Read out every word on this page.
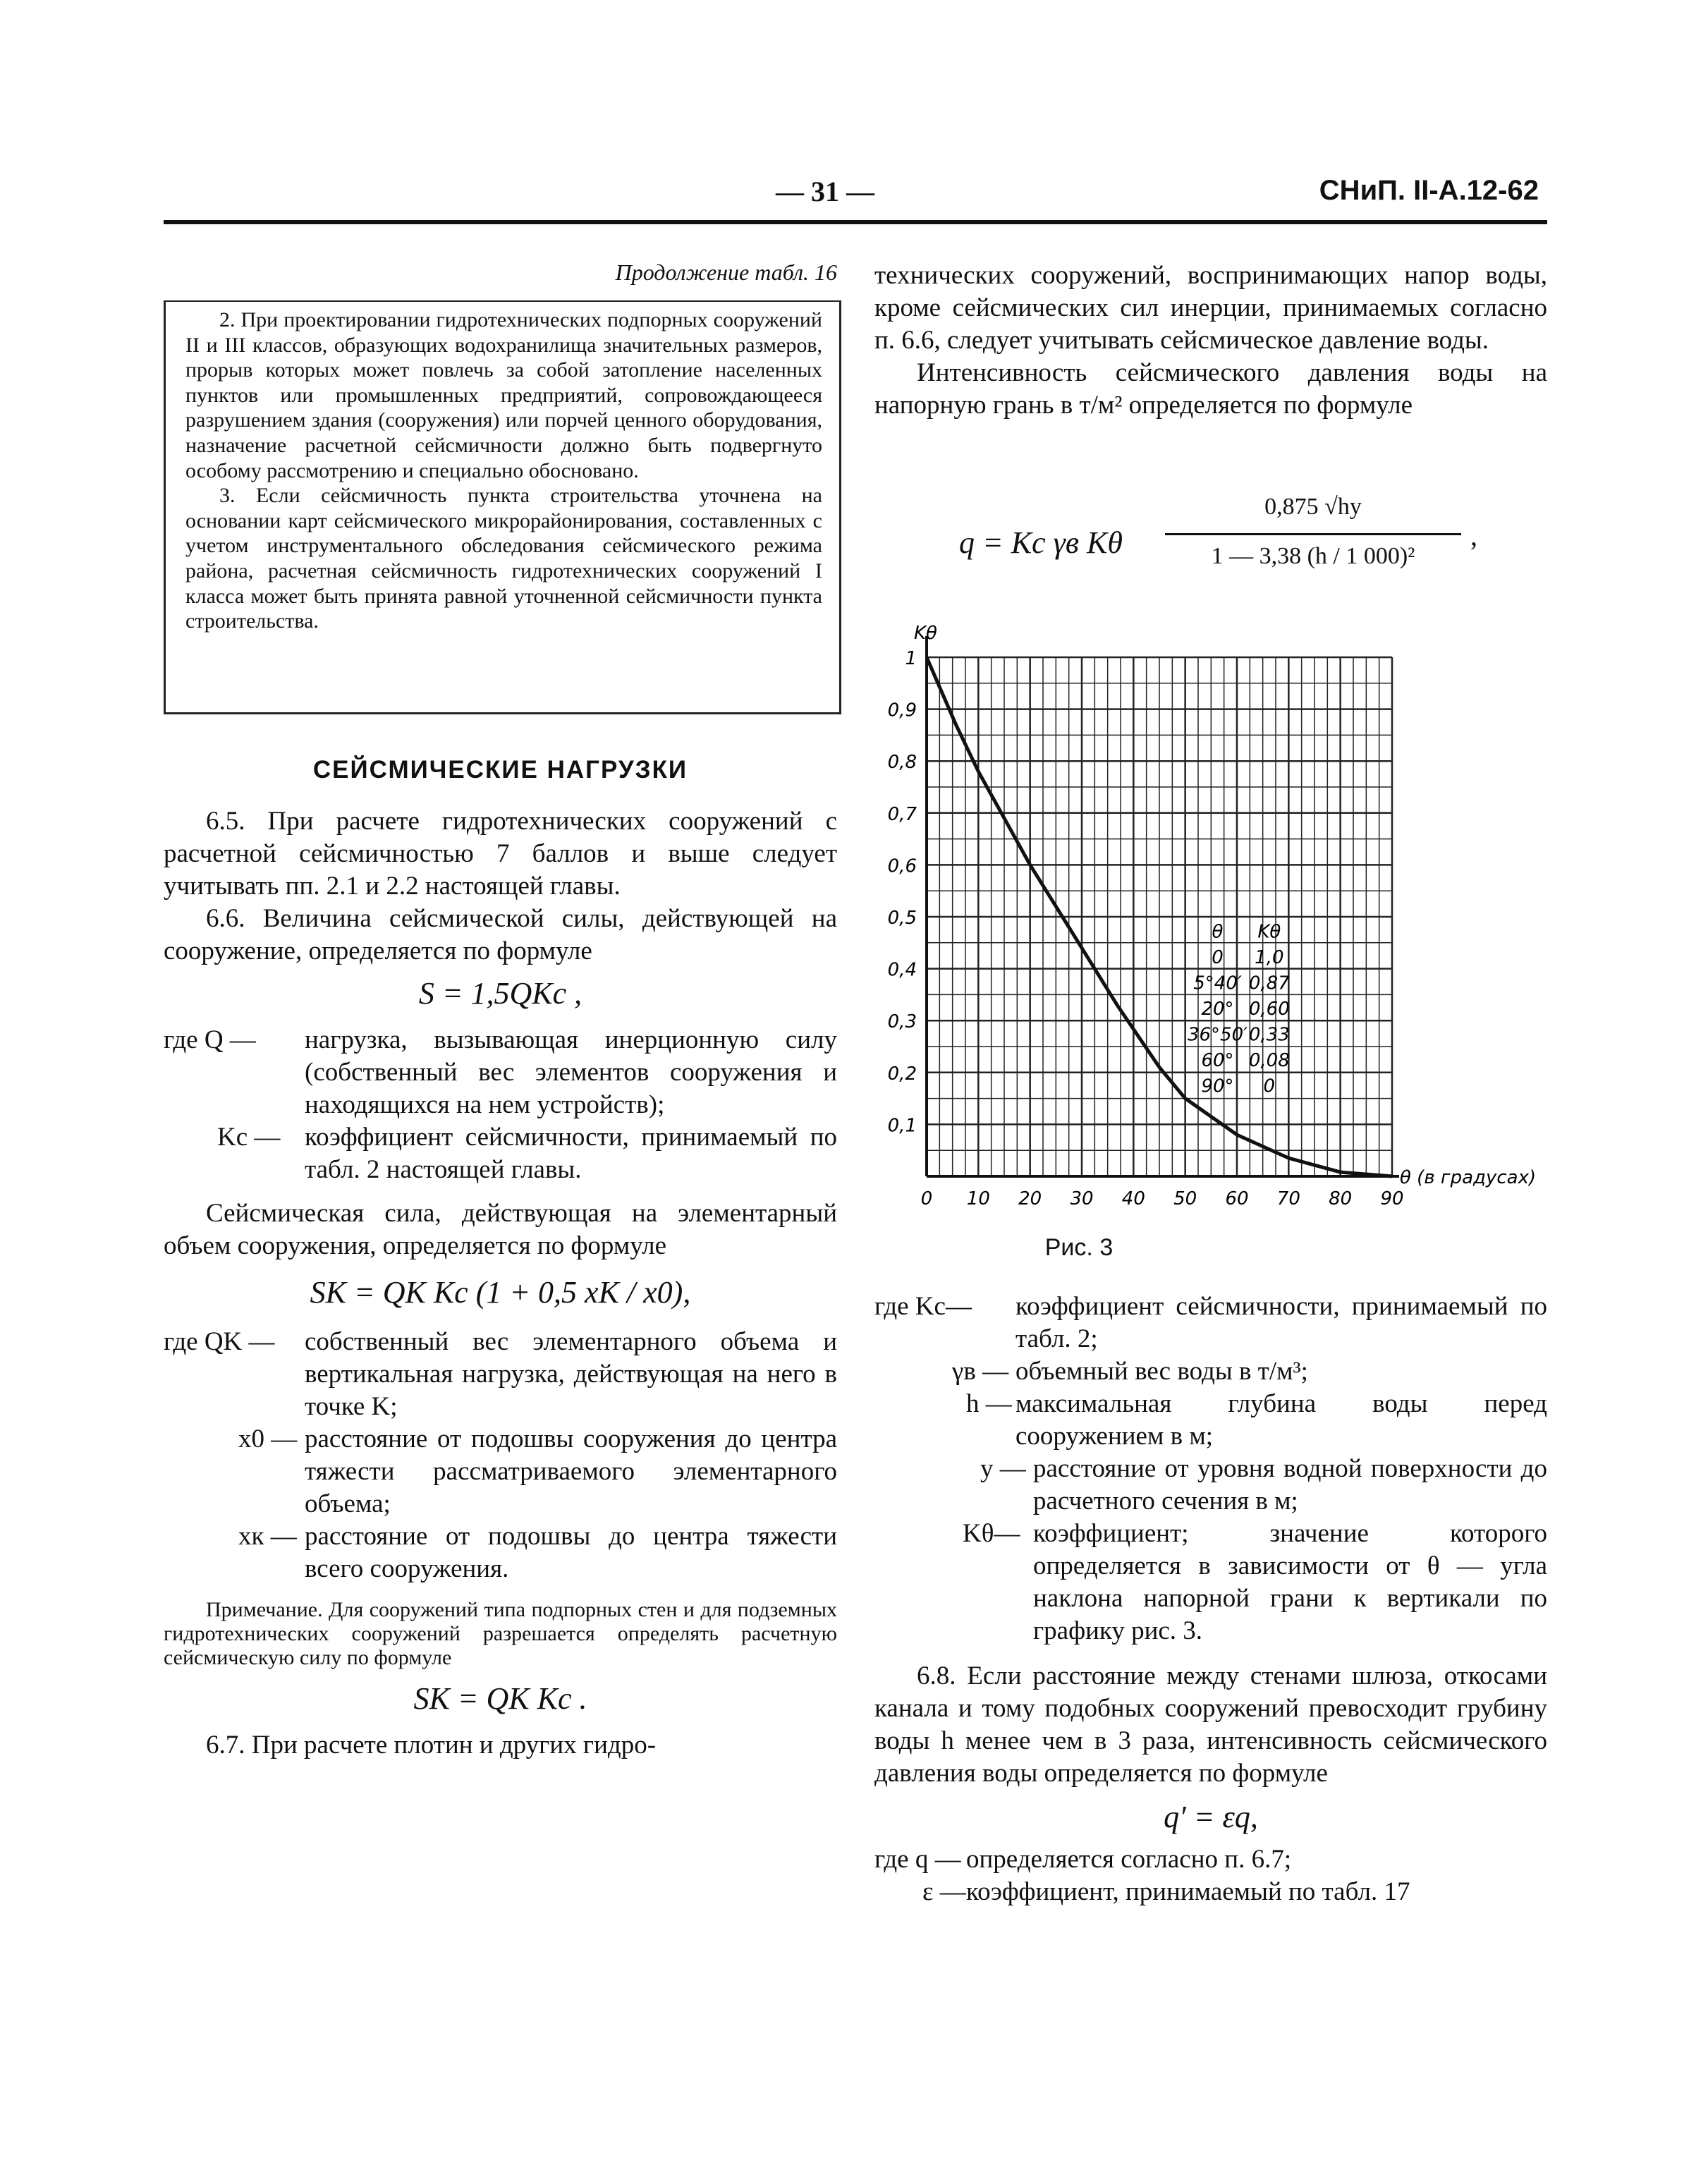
— 31 —	СНиП. II-А.12-62
Продолжение табл. 16

2. При проектировании гидротехнических подпорных сооружений II и III классов, образующих водохранилища значительных размеров, прорыв которых может повлечь за собой затопление населенных пунктов или промышленных предприятий, сопровождающееся разрушением здания (сооружения) или порчей ценного оборудования, назначение расчетной сейсмичности должно быть подвергнуто особому рассмотрению и специально обосновано.

3. Если сейсмичность пункта строительства уточнена на основании карт сейсмического микрорайонирования, составленных с учетом инструментального обследования сейсмического режима района, расчетная сейсмичность гидротехнических сооружений I класса может быть принята равной уточненной сейсмичности пункта строительства.

СЕЙСМИЧЕСКИЕ НАГРУЗКИ

6.5. При расчете гидротехнических сооружений с расчетной сейсмичностью 7 баллов и выше следует учитывать пп. 2.1 и 2.2 настоящей главы.

6.6. Величина сейсмической силы, действующей на сооружение, определяется по формуле

S = 1,5QKс ,
где Q — нагрузка, вызывающая инерционную силу (собственный вес элементов сооружения и находящихся на нем устройств);
Kс — коэффициент сейсмичности, принимаемый по табл. 2 настоящей главы.

Сейсмическая сила, действующая на элементарный объем сооружения, определяется по формуле

SK = QK Kс (1 + 0,5 xK / x0),
где QK — собственный вес элементарного объема и вертикальная нагрузка, действующая на него в точке K;
x0 — расстояние от подошвы сооружения до центра тяжести рассматриваемого элементарного объема;
xк — расстояние от подошвы до центра тяжести всего сооружения.

Примечание. Для сооружений типа подпорных стен и для подземных гидротехнических сооружений разрешается определять расчетную сейсмическую силу по формуле

SK = QK Kс .

6.7. При расчете плотин и других гидро-

технических сооружений, воспринимающих напор воды, кроме сейсмических сил инерции, принимаемых согласно п. 6.6, следует учитывать сейсмическое давление воды.

Интенсивность сейсмического давления воды на напорную грань в т/м² определяется по формуле

q = Kс γв Kθ
0,875 √hy
1 — 3,38 (h / 1 000)²
,
0 10 20 30 40 50 60 70 80 90
0,1
0,2
0,3
0,4
0,5
0,6
0,7
0,8
0,9
1
Kθ
θ (в градусах)
θ Kθ
0 1,0
5°40′ 0,87
20° 0,60
36°50′ 0,33
60° 0,08
90° 0
Рис. 3
где Kс— коэффициент сейсмичности, принимаемый по табл. 2;
γв — объемный вес воды в т/м³;
h — максимальная глубина воды перед сооружением в м;
y — расстояние от уровня водной поверхности до расчетного сечения в м;
Kθ— коэффициент; значение которого определяется в зависимости от θ — угла наклона напорной грани к вертикали по графику рис. 3.

6.8. Если расстояние между стенами шлюза, откосами канала и тому подобных сооружений превосходит грубину воды h менее чем в 3 раза, интенсивность сейсмического давления воды определяется по формуле

q′ = εq,
где q — определяется согласно п. 6.7;
ε — коэффициент, принимаемый по табл. 17
